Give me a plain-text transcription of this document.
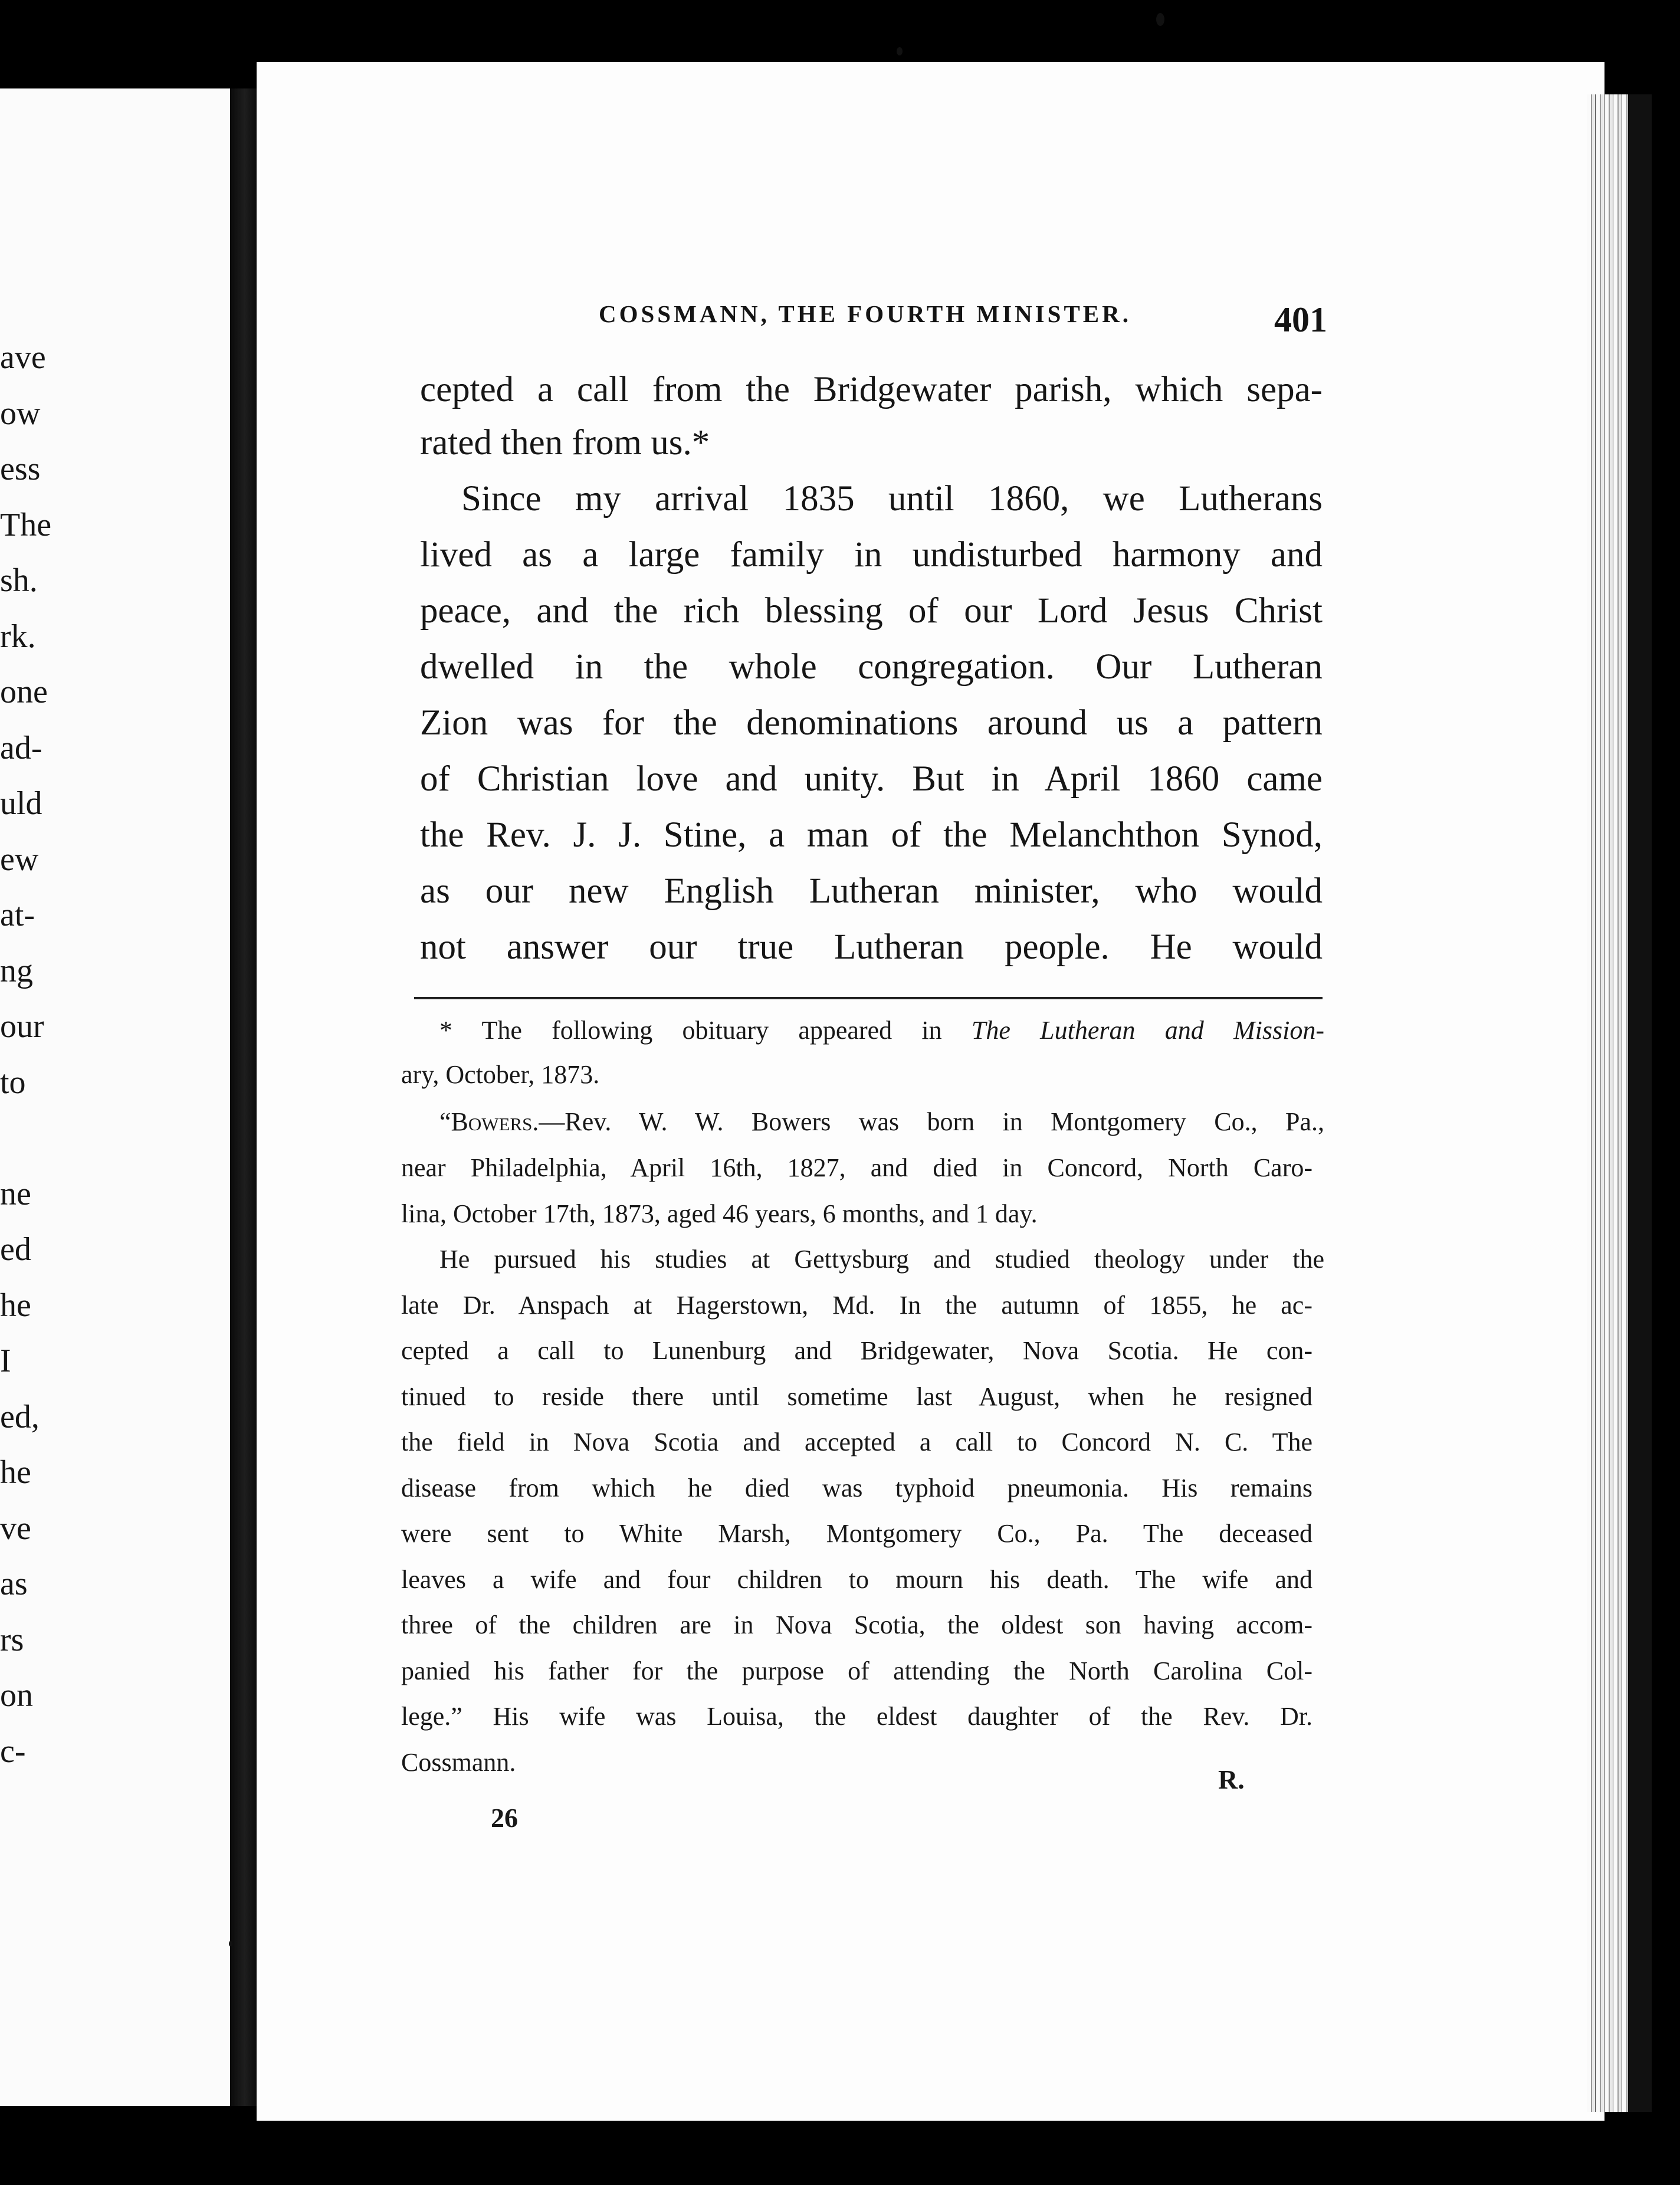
ave
ow
ess
The
sh.
rk.
one
ad-
uld
ew
at-
ng
our
to
ne
ed
he
I
ed,
he
ve
as
rs
on
c-
COSSMANN, THE FOURTH MINISTER.	401
cepted a call from the Bridgewater parish, which sepa-
rated then from us.*
Since my arrival 1835 until 1860, we Lutherans
lived as a large family in undisturbed harmony and
peace, and the rich blessing of our Lord Jesus Christ
dwelled in the whole congregation. Our Lutheran
Zion was for the denominations around us a pattern
of Christian love and unity. But in April 1860 came
the Rev. J. J. Stine, a man of the Melanchthon Synod,
as our new English Lutheran minister, who would
not answer our true Lutheran people. He would
* The following obituary appeared in The Lutheran and Mission-
ary, October, 1873.
“Bowers.—Rev. W. W. Bowers was born in Montgomery Co., Pa.,
near Philadelphia, April 16th, 1827, and died in Concord, North Caro-
lina, October 17th, 1873, aged 46 years, 6 months, and 1 day.
He pursued his studies at Gettysburg and studied theology under the
late Dr. Anspach at Hagerstown, Md. In the autumn of 1855, he ac-
cepted a call to Lunenburg and Bridgewater, Nova Scotia. He con-
tinued to reside there until sometime last August, when he resigned
the field in Nova Scotia and accepted a call to Concord N. C. The
disease from which he died was typhoid pneumonia. His remains
were sent to White Marsh, Montgomery Co., Pa. The deceased
leaves a wife and four children to mourn his death. The wife and
three of the children are in Nova Scotia, the oldest son having accom-
panied his father for the purpose of attending the North Carolina Col-
lege.” His wife was Louisa, the eldest daughter of the Rev. Dr.
Cossmann.
R.
26
